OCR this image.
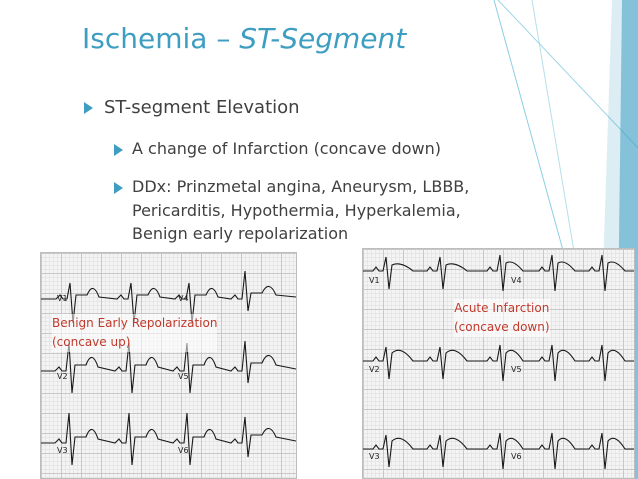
Ischemia – ST-Segment
ST-segment Elevation
A change of Infarction (concave down)
DDx: Prinzmetal angina, Aneurysm, LBBB,
Pericarditis, Hypothermia, Hyperkalemia,
Benign early repolarization
V1
V2
V3
V4
V5
V6
V1
V2
V3
V4
V5
V6
Benign Early Repolarization
(concave up)
Acute Infarction
(concave down)
